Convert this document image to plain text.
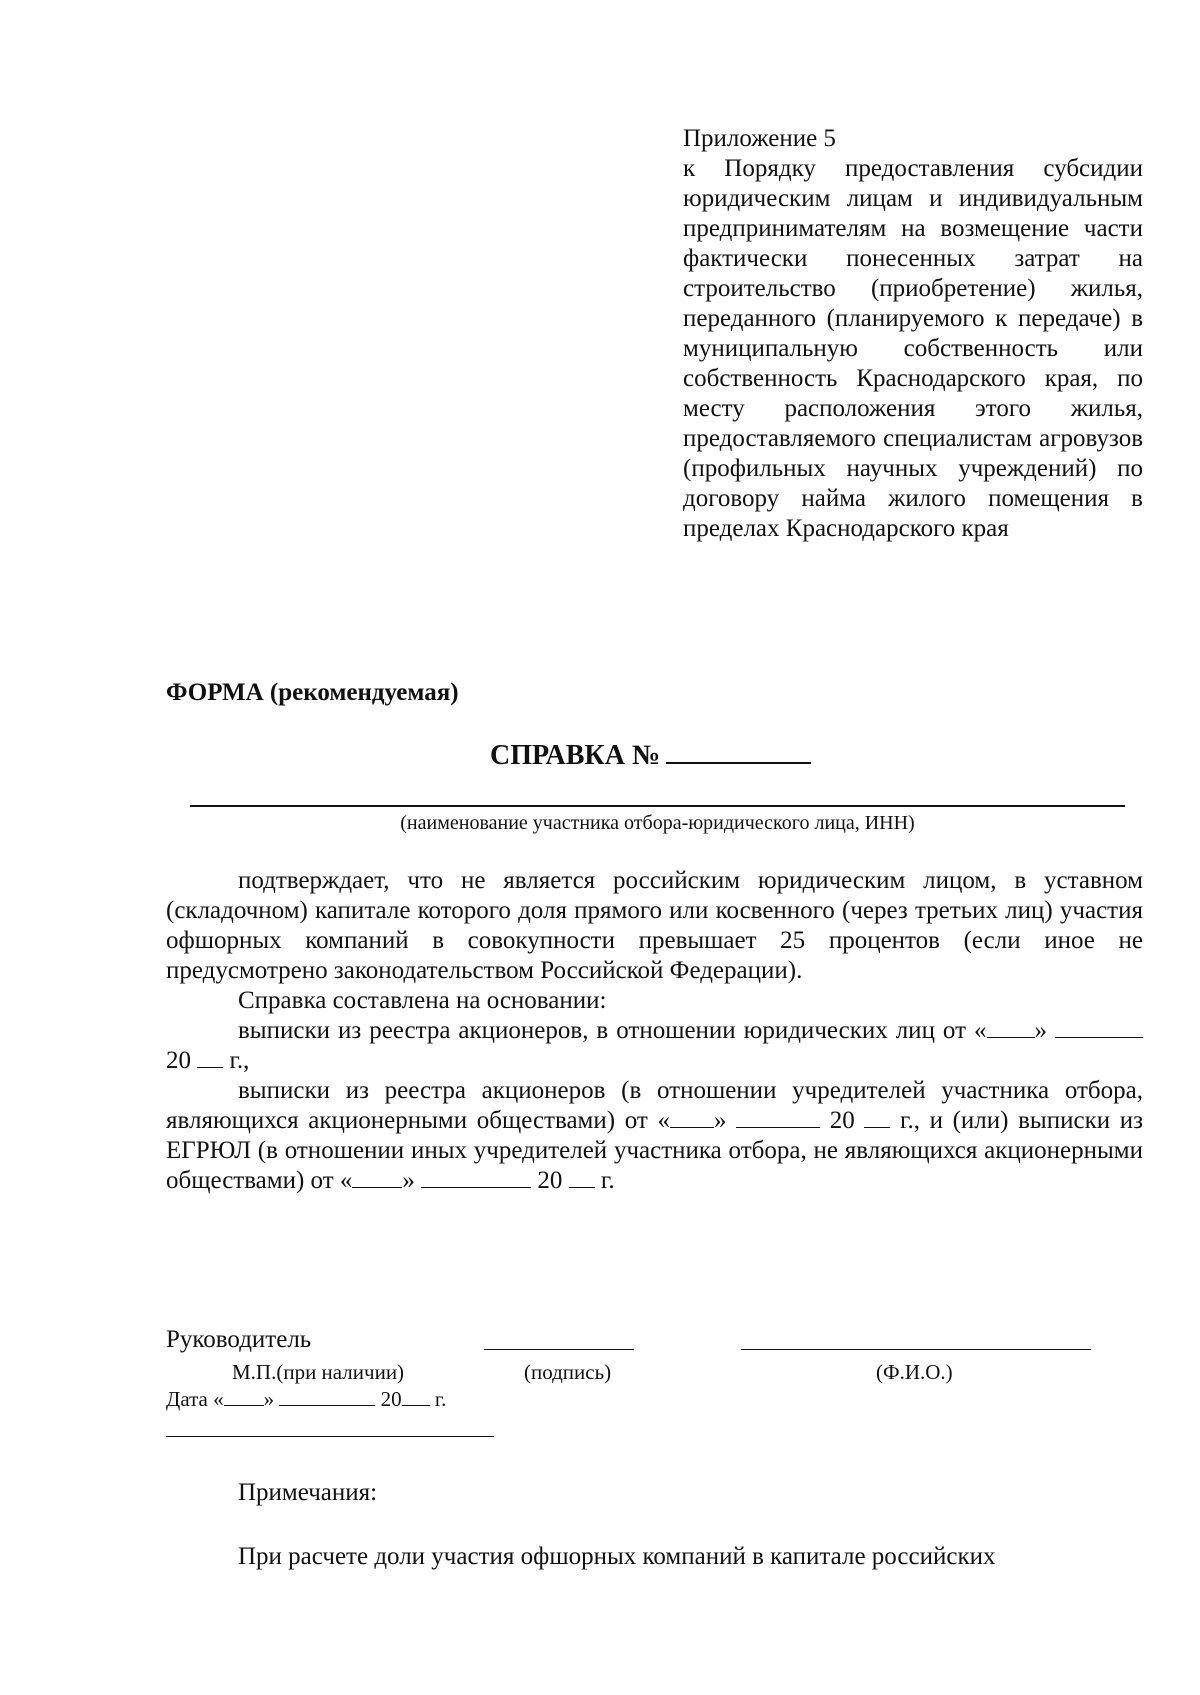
Приложение 5
к Порядку предоставления субсидии юридическим лицам и индивидуальным предпринимателям на возмещение части фактически понесенных затрат на строительство (приобретение) жилья, переданного (планируемого к передаче) в муниципальную собственность или собственность Краснодарского края, по месту расположения этого жилья, предоставляемого специалистам агровузов (профильных научных учреждений) по договору найма жилого помещения в пределах Краснодарского края
ФОРМА (рекомендуемая)
СПРАВКА №
(наименование участника отбора-юридического лица, ИНН)

подтверждает, что не является российским юридическим лицом, в уставном (складочном) капитале которого доля прямого или косвенного (через третьих лиц) участия офшорных компаний в совокупности превышает 25 процентов (если иное не предусмотрено законодательством Российской Федерации).

Справка составлена на основании:

выписки из реестра акционеров, в отношении юридических лиц от « »  20 г.,

выписки из реестра акционеров (в отношении учредителей участника отбора, являющихся акционерными обществами) от « »	20 г., и (или) выписки из ЕГРЮЛ (в отношении иных учредителей участника отбора, не являющихся акционерными обществами) от « »	20 г.

Руководитель
М.П.(при наличии)	(подпись)	(Ф.И.О.)
Дата « »	20 г.
Примечания:
При расчете доли участия офшорных компаний в капитале российских
